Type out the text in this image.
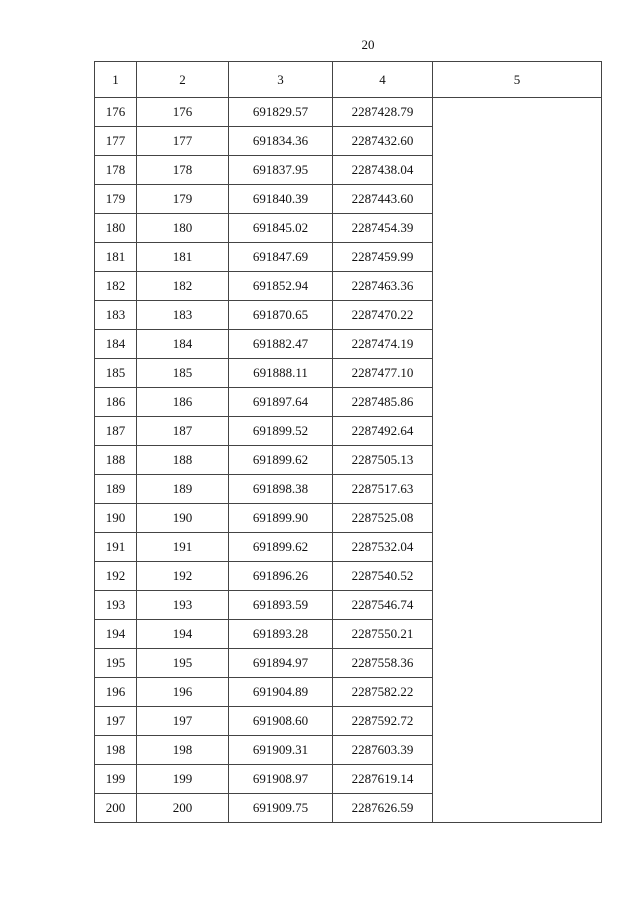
20
1	2	3	4	5
176	176	691829.57	2287428.79	
177	177	691834.36	2287432.60	
178	178	691837.95	2287438.04	
179	179	691840.39	2287443.60	
180	180	691845.02	2287454.39	
181	181	691847.69	2287459.99	
182	182	691852.94	2287463.36	
183	183	691870.65	2287470.22	
184	184	691882.47	2287474.19	
185	185	691888.11	2287477.10	
186	186	691897.64	2287485.86	
187	187	691899.52	2287492.64	
188	188	691899.62	2287505.13	
189	189	691898.38	2287517.63	
190	190	691899.90	2287525.08	
191	191	691899.62	2287532.04	
192	192	691896.26	2287540.52	
193	193	691893.59	2287546.74	
194	194	691893.28	2287550.21	
195	195	691894.97	2287558.36	
196	196	691904.89	2287582.22	
197	197	691908.60	2287592.72	
198	198	691909.31	2287603.39	
199	199	691908.97	2287619.14	
200	200	691909.75	2287626.59	
